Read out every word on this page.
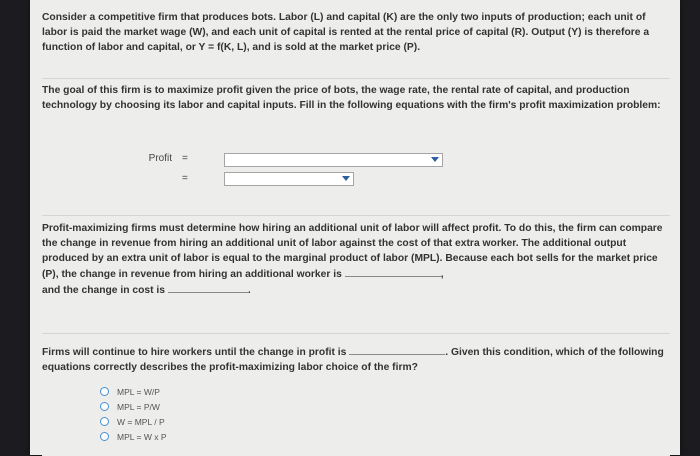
Consider a competitive firm that produces bots. Labor (L) and capital (K) are the only two inputs of production; each unit of labor is paid the market wage (W), and each unit of capital is rented at the rental price of capital (R). Output (Y) is therefore a function of labor and capital, or Y = f(K, L), and is sold at the market price (P).
The goal of this firm is to maximize profit given the price of bots, the wage rate, the rental rate of capital, and production technology by choosing its labor and capital inputs. Fill in the following equations with the firm's profit maximization problem:
Profit =
=
Profit-maximizing firms must determine how hiring an additional unit of labor will affect profit. To do this, the firm can compare the change in revenue from hiring an additional unit of labor against the cost of that extra worker. The additional output produced by an extra unit of labor is equal to the marginal product of labor (MPL). Because each bot sells for the market price (P), the change in revenue from hiring an additional worker is	,
and the change in cost is	.
Firms will continue to hire workers until the change in profit is	. Given this condition, which of the following equations correctly describes the profit-maximizing labor choice of the firm?
MPL = W/P
MPL = P/W
W = MPL / P
MPL = W x P
